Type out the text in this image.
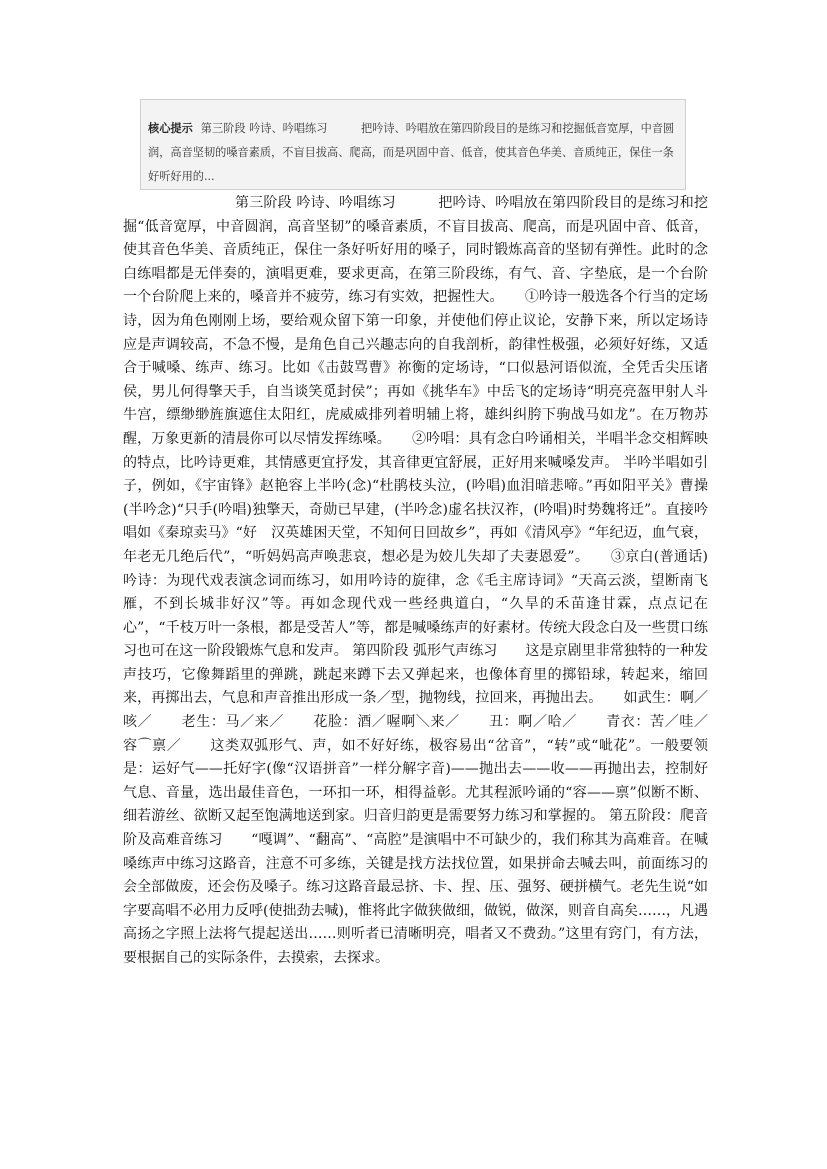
核心提示 第三阶段 吟诗、吟唱练习　　　把吟诗、吟唱放在第四阶段目的是练习和挖掘低音宽厚，中音圆润，高音坚韧的嗓音素质，不盲目拔高、爬高，而是巩固中音、低音，使其音色华美、音质纯正，保住一条好听好用的...
第三阶段 吟诗、吟唱练习　　　把吟诗、吟唱放在第四阶段目的是练习和挖掘“低音宽厚，中音圆润，高音坚韧”的嗓音素质，不盲目拔高、爬高，而是巩固中音、低音，使其音色华美、音质纯正，保住一条好听好用的嗓子，同时锻炼高音的坚韧有弹性。此时的念白练唱都是无伴奏的，演唱更难，要求更高，在第三阶段练，有气、音、字垫底，是一个台阶一个台阶爬上来的，嗓音并不疲劳，练习有实效，把握性大。　　①吟诗一般选各个行当的定场诗，因为角色刚刚上场，要给观众留下第一印象，并使他们停止议论，安静下来，所以定场诗应是声调较高，不急不慢，是角色自己兴趣志向的自我剖析，韵律性极强，必须好好练，又适合于喊嗓、练声、练习。比如《击鼓骂曹》祢衡的定场诗，“口似悬河语似流，全凭舌尖压诸侯，男儿何得擎天手，自当谈笑觅封侯”；再如《挑华车》中岳飞的定场诗“明亮亮盔甲射人斗牛宫，缥缈缈旌旗遮住太阳红，虎威威排列着明辅上将，雄纠纠胯下驹战马如龙”。在万物苏醒，万象更新的清晨你可以尽情发挥练嗓。　　②吟唱：具有念白吟诵相关，半唱半念交相辉映的特点，比吟诗更难，其情感更宜抒发，其音律更宜舒展，正好用来喊嗓发声。 半吟半唱如引子，例如，《宇宙锋》赵艳容上半吟(念)“杜鹃枝头泣，(吟唱)血泪暗悲啼。”再如阳平关》曹操(半吟念)“只手(吟唱)独擎天，奇勋已早建，(半吟念)虚名扶汉祚，(吟唱)时势魏将迁”。直接吟唱如《秦琼卖马》“好　汉英雄困天堂，不知何日回故乡”，再如《清风亭》“年纪迈，血气衰，年老无几绝后代”，“听妈妈高声唤悲哀，想必是为姣儿失却了夫妻恩爱”。　　③京白(普通话)吟诗：为现代戏表演念词而练习，如用吟诗的旋律，念《毛主席诗词》“天高云淡，望断南飞雁，不到长城非好汉”等。再如念现代戏一些经典道白，“久旱的禾苗逢甘霖，点点记在心”，“千枝万叶一条根，都是受苦人”等，都是喊嗓练声的好素材。传统大段念白及一些贯口练习也可在这一阶段锻炼气息和发声。 第四阶段 弧形气声练习　　这是京剧里非常独特的一种发声技巧，它像舞蹈里的弹跳，跳起来蹲下去又弹起来，也像体育里的掷铅球，转起来，缩回来，再掷出去，气息和声音推出形成一条／型，抛物线，拉回来，再抛出去。　　如武生：啊／咳／　　老生：马／来／　　花脸：酒／喔啊＼来／　　丑：啊／哈／　　青衣：苦／哇／　　容⌒禀／　　这类双弧形气、声，如不好好练，极容易出“岔音”，“转”或“呲花”。一般要领是：运好气——托好字(像“汉语拼音”一样分解字音)——抛出去——收——再抛出去，控制好气息、音量，选出最佳音色，一环扣一环，相得益彰。尤其程派吟诵的“容——禀”似断不断、细若游丝、欲断又起至饱满地送到家。归音归韵更是需要努力练习和掌握的。 第五阶段：爬音阶及高难音练习　　“嘎调”、“翻高”、“高腔”是演唱中不可缺少的，我们称其为高难音。在喊嗓练声中练习这路音，注意不可多练，关键是找方法找位置，如果拼命去喊去叫，前面练习的会全部做废，还会伤及嗓子。练习这路音最忌挤、卡、捏、压、强努、硬拼横气。老先生说“如字要高唱不必用力反呼(使拙劲去喊)，惟将此字做狭做细，做锐，做深，则音自高矣……，凡遇高扬之字照上法将气提起送出……则听者已清晰明亮，唱者又不费劲。”这里有窍门，有方法，要根据自己的实际条件，去摸索，去探求。
